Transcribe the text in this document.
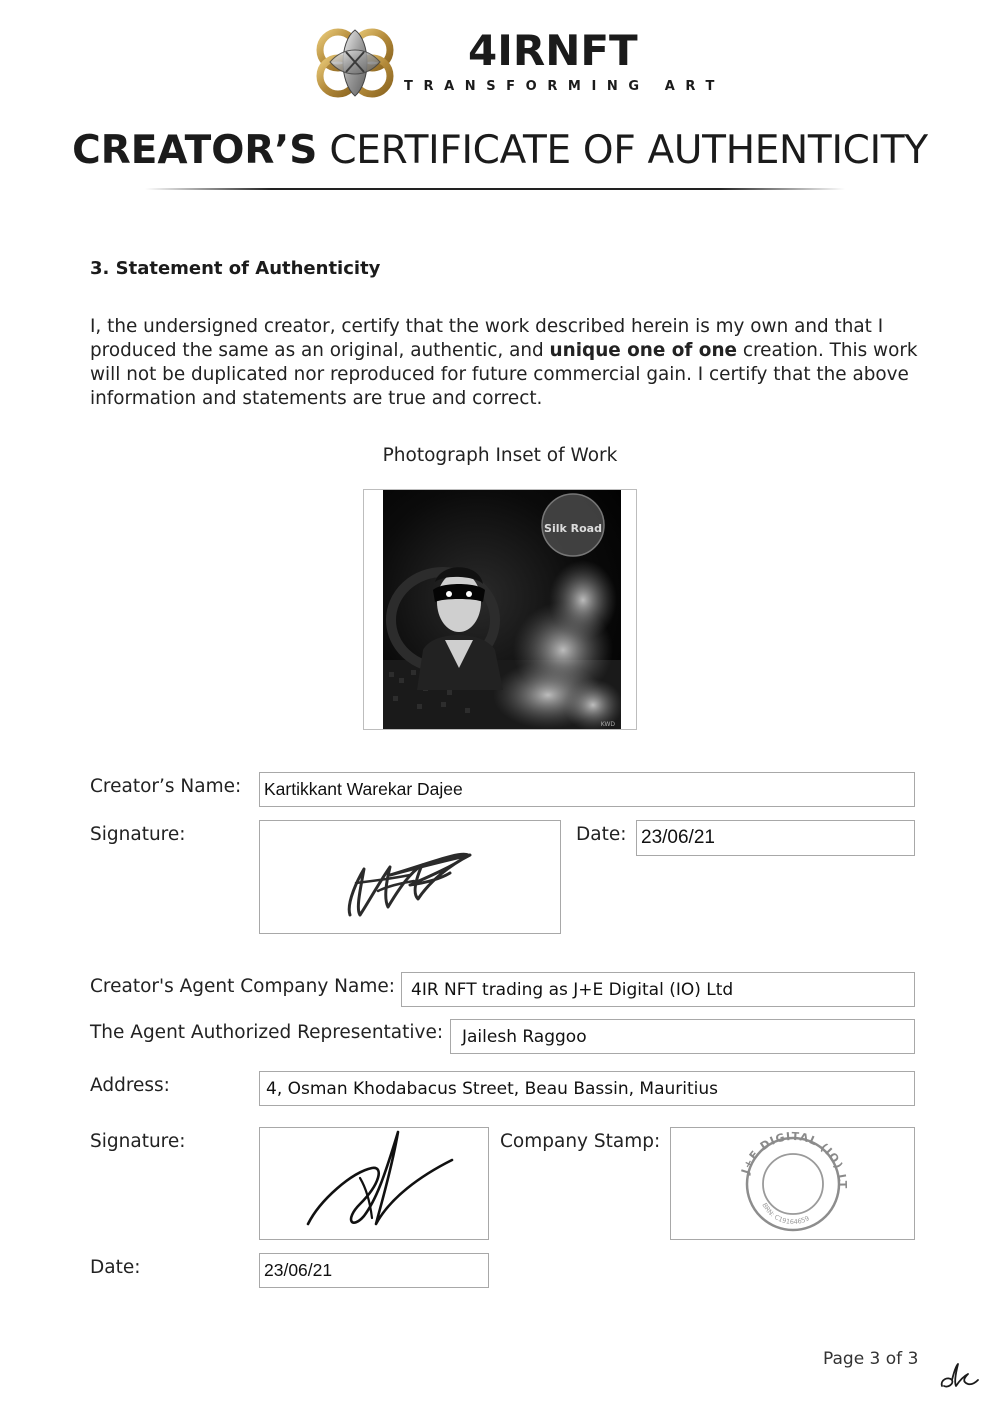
4IRNFT
TRANSFORMING ART
CREATOR’S CERTIFICATE OF AUTHENTICITY
3. Statement of Authenticity
I, the undersigned creator, certify that the work described herein is my own and that I
produced the same as an original, authentic, and unique one of one creation. This work
will not be duplicated nor reproduced for future commercial gain. I certify that the above
information and statements are true and correct.
Photograph Inset of Work
Silk Road
KWD
Creator’s Name: Kartikkant Warekar Dajee
Signature:	Date: 23/06/21
Creator's Agent Company Name: 4IR NFT trading as J+E Digital (IO) Ltd
The Agent Authorized Representative:	Jailesh Raggoo
Address:	4, Osman Khodabacus Street, Beau Bassin, Mauritius
Signature:	Company Stamp:
J+E DIGITAL (IO) LT
BRN: C19164659
Date:	23/06/21
Page 3 of 3
